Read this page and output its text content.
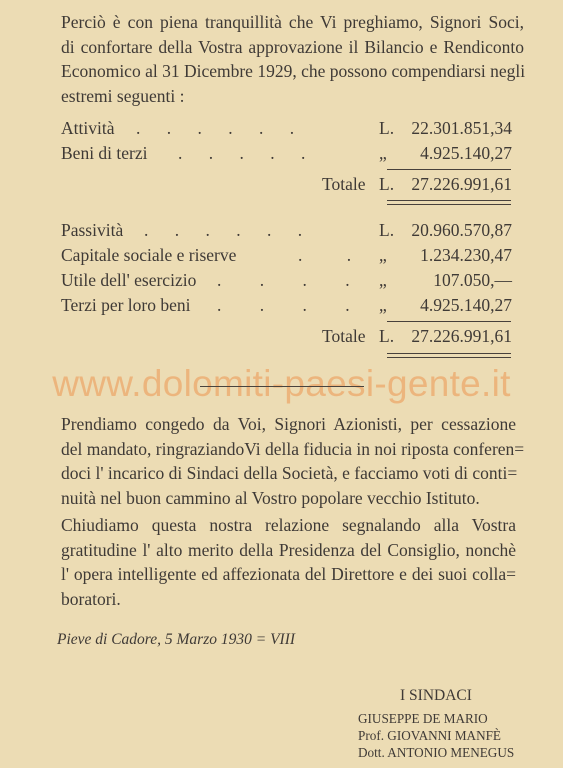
Perciò è con piena tranquillità che Vi preghiamo, Signori Soci,
di confortare della Vostra approvazione il Bilancio e Rendiconto
Economico al 31 Dicembre 1929, che possono compendiarsi negli
estremi seguenti :
Attività . . . . . .	L. 22.301.851,34
Beni di terzi . . . . .	„ 4.925.140,27
Totale L. 27.226.991,61
Passività . . . . . .	L. 20.960.570,87
Capitale sociale e riserve	. . „ 1.234.230,47
Utile dell' esercizio . . . . „	107.050,—
Terzi per loro beni . . . . „ 4.925.140,27
Totale L. 27.226.991,61
www.dolomiti-paesi-gente.it
Prendiamo congedo da Voi, Signori Azionisti, per cessazione
del mandato, ringraziandoVi della fiducia in noi riposta conferen=
doci l' incarico di Sindaci della Società, e facciamo voti di conti=
nuità nel buon cammino al Vostro popolare vecchio Istituto.
Chiudiamo questa nostra relazione segnalando alla Vostra
gratitudine l' alto merito della Presidenza del Consiglio, nonchè
l' opera intelligente ed affezionata del Direttore e dei suoi colla=
boratori.
Pieve di Cadore, 5 Marzo 1930 = VIII
I SINDACI
GIUSEPPE DE MARIO
Prof. GIOVANNI MANFÈ
Dott. ANTONIO MENEGUS
